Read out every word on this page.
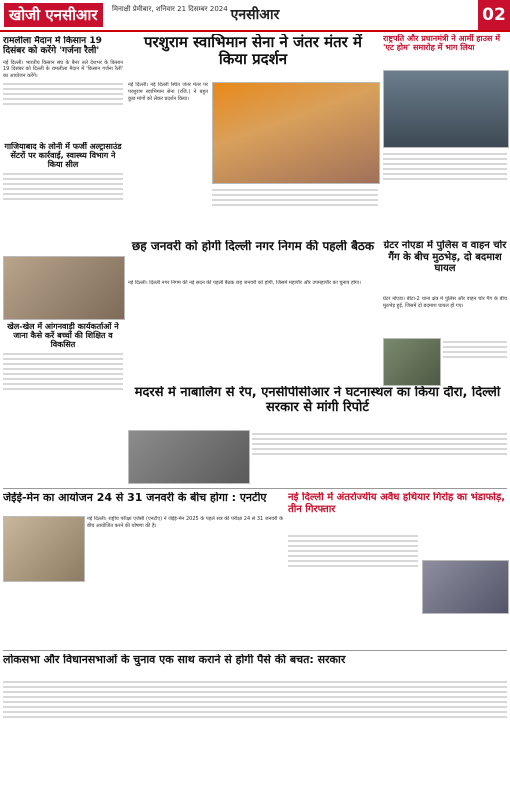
खोजी एनसीआर	मिनाक्षी प्रेमीबार, शनिवार 21 दिसम्बर 2024 एनसीआर	02
रामलीला मैदान में किसान 19 दिसंबर को करेंगे 'गर्जना रैली'
नई दिल्ली। भारतीय किसान संघ के बैनर तले देशभर के किसान 19 दिसंबर को दिल्ली के रामलीला मैदान में 'किसान गर्जना रैली' का आयोजन करेंगे।
गाजियाबाद के लोनी में फर्जी अल्ट्रासाउंड सेंटरों पर कार्रवाई, स्वास्थ्य विभाग ने किया सील
खेल-खेल में आंगनवाड़ी कार्यकर्ताओं ने जाना कैसे करें बच्चों की शिक्षित व विकसित
परशुराम स्वाभिमान सेना ने जंतर मंतर में किया प्रदर्शन
नई दिल्ली। नई दिल्ली स्थित जंतर मंतर पर परशुराम स्वाभिमान सेना (रजि.) ने बहुत कुछ मांगों को लेकर प्रदर्शन किया।
राष्ट्रपति और प्रधानमंत्री ने आर्मी हाउस में 'एट होम' समारोह में भाग लिया
छह जनवरी को होगी दिल्ली नगर निगम की पहली बैठक
नई दिल्ली। दिल्ली नगर निगम की नई सदन की पहली बैठक छह जनवरी को होगी, जिसमें महापौर और उपमहापौर का चुनाव होगा।
ग्रेटर नोएडा में पुलिस व वाहन चोर गैंग के बीच मुठभेड़, दो बदमाश घायल
ग्रेटर नोएडा। बीटा-2 थाना क्षेत्र में पुलिस और वाहन चोर गैंग के बीच मुठभेड़ हुई, जिसमें दो बदमाश घायल हो गए।
मदरसे में नाबालिग से रेप, एनसीपीसीआर ने घटनास्थल का किया दौरा, दिल्ली सरकार से मांगी रिपोर्ट
जेईई-मेन का आयोजन 24 से 31 जनवरी के बीच होगा : एनटीए
नई दिल्ली। राष्ट्रीय परीक्षा एजेंसी (एनटीए) ने जेईई-मेन 2025 के पहले सत्र की परीक्षा 24 से 31 जनवरी के बीच आयोजित करने की घोषणा की है।
नई दिल्ली में अंतर्राज्यीय अवैध हथियार गिरोह का भंडाफोड़, तीन गिरफ्तार
लोकसभा और विधानसभाओं के चुनाव एक साथ कराने से होगी पैसे की बचत: सरकार
